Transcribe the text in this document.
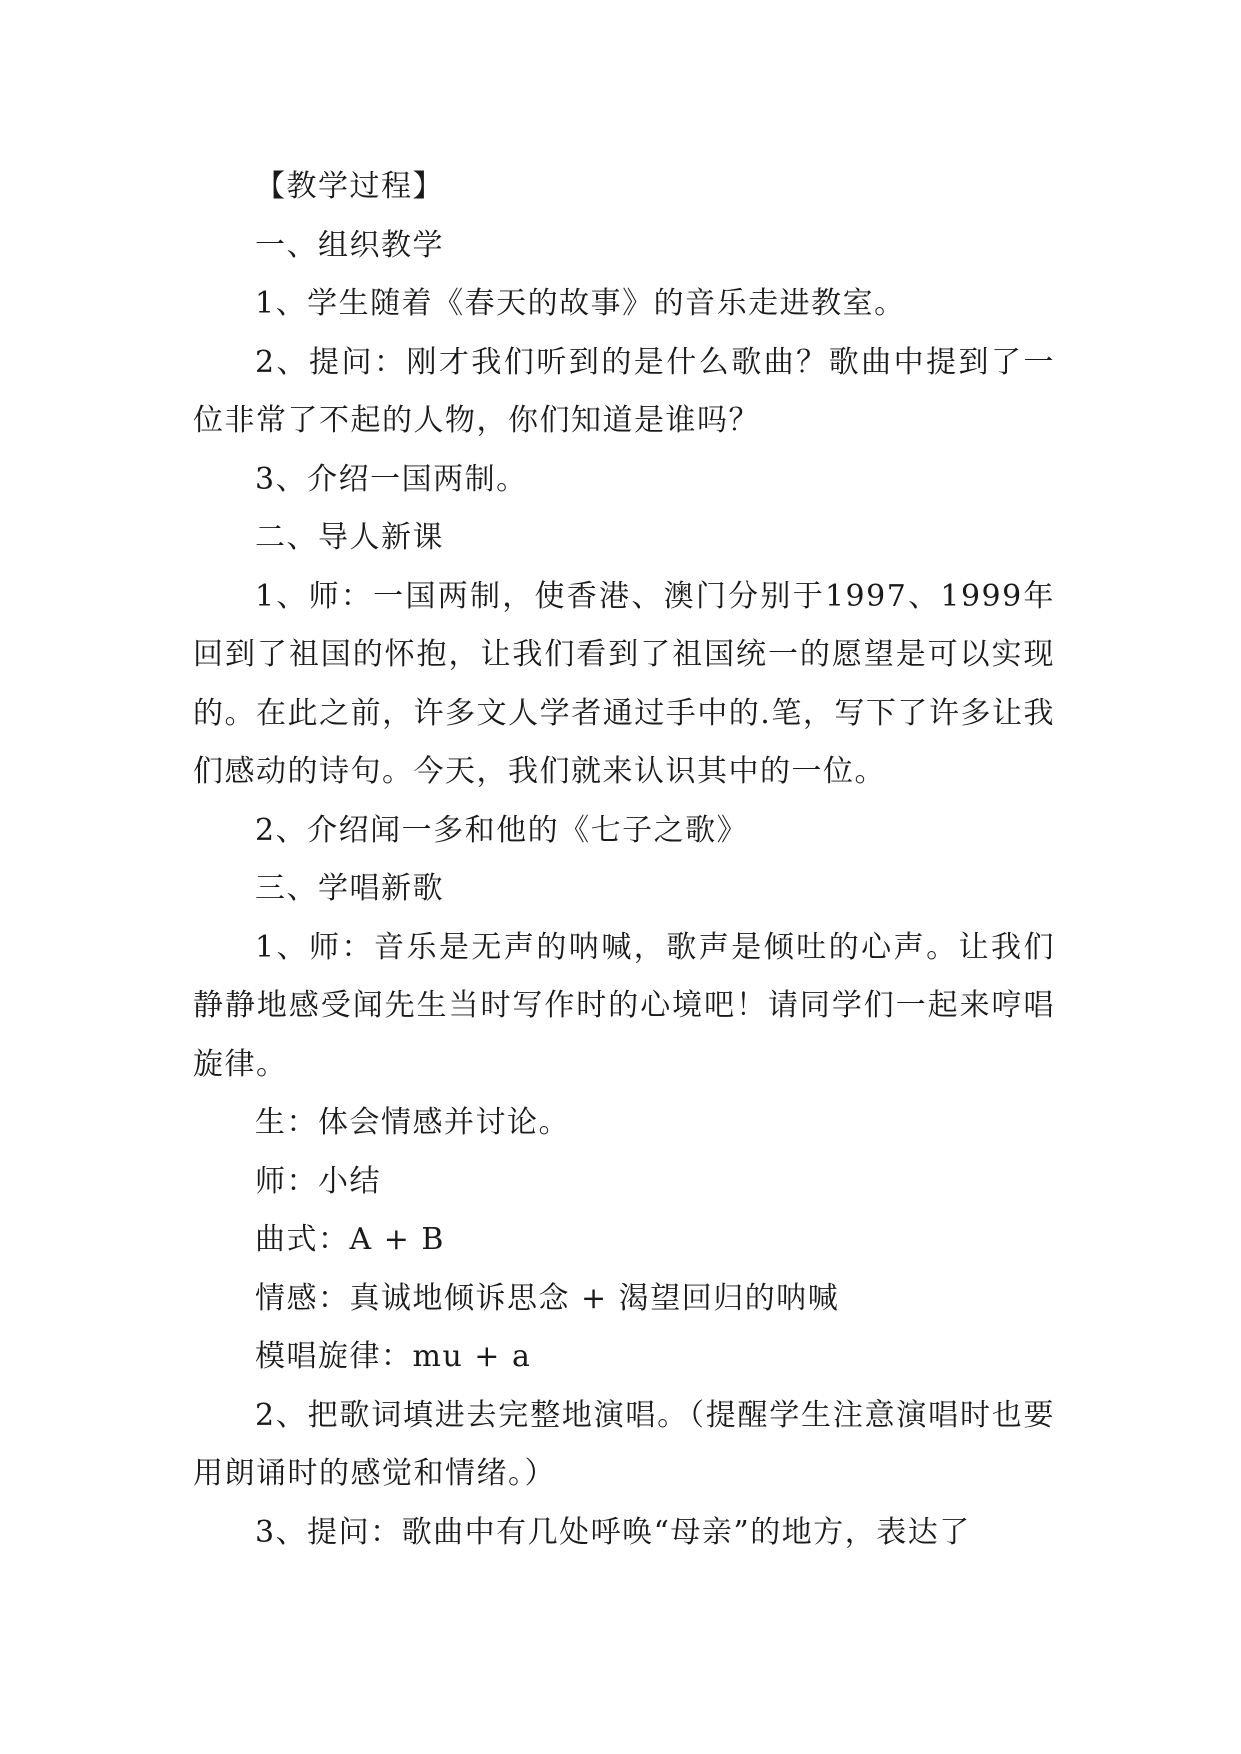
【教学过程】

一、组织教学

1、学生随着《春天的故事》的音乐走进教室。

2、提问：刚才我们听到的是什么歌曲？歌曲中提到了一位非常了不起的人物，你们知道是谁吗？

3、介绍一国两制。

二、导人新课

1、师：一国两制，使香港、澳门分别于1997、1999年回到了祖国的怀抱，让我们看到了祖国统一的愿望是可以实现的。在此之前，许多文人学者通过手中的.笔，写下了许多让我们感动的诗句。今天，我们就来认识其中的一位。

2、介绍闻一多和他的《七子之歌》

三、学唱新歌

1、师：音乐是无声的呐喊，歌声是倾吐的心声。让我们静静地感受闻先生当时写作时的心境吧！请同学们一起来哼唱旋律。

生：体会情感并讨论。

师：小结

曲式：A + B

情感：真诚地倾诉思念 + 渴望回归的呐喊

模唱旋律：mu + a

2、把歌词填进去完整地演唱。（提醒学生注意演唱时也要用朗诵时的感觉和情绪。）

3、提问：歌曲中有几处呼唤“母亲”的地方，表达了
